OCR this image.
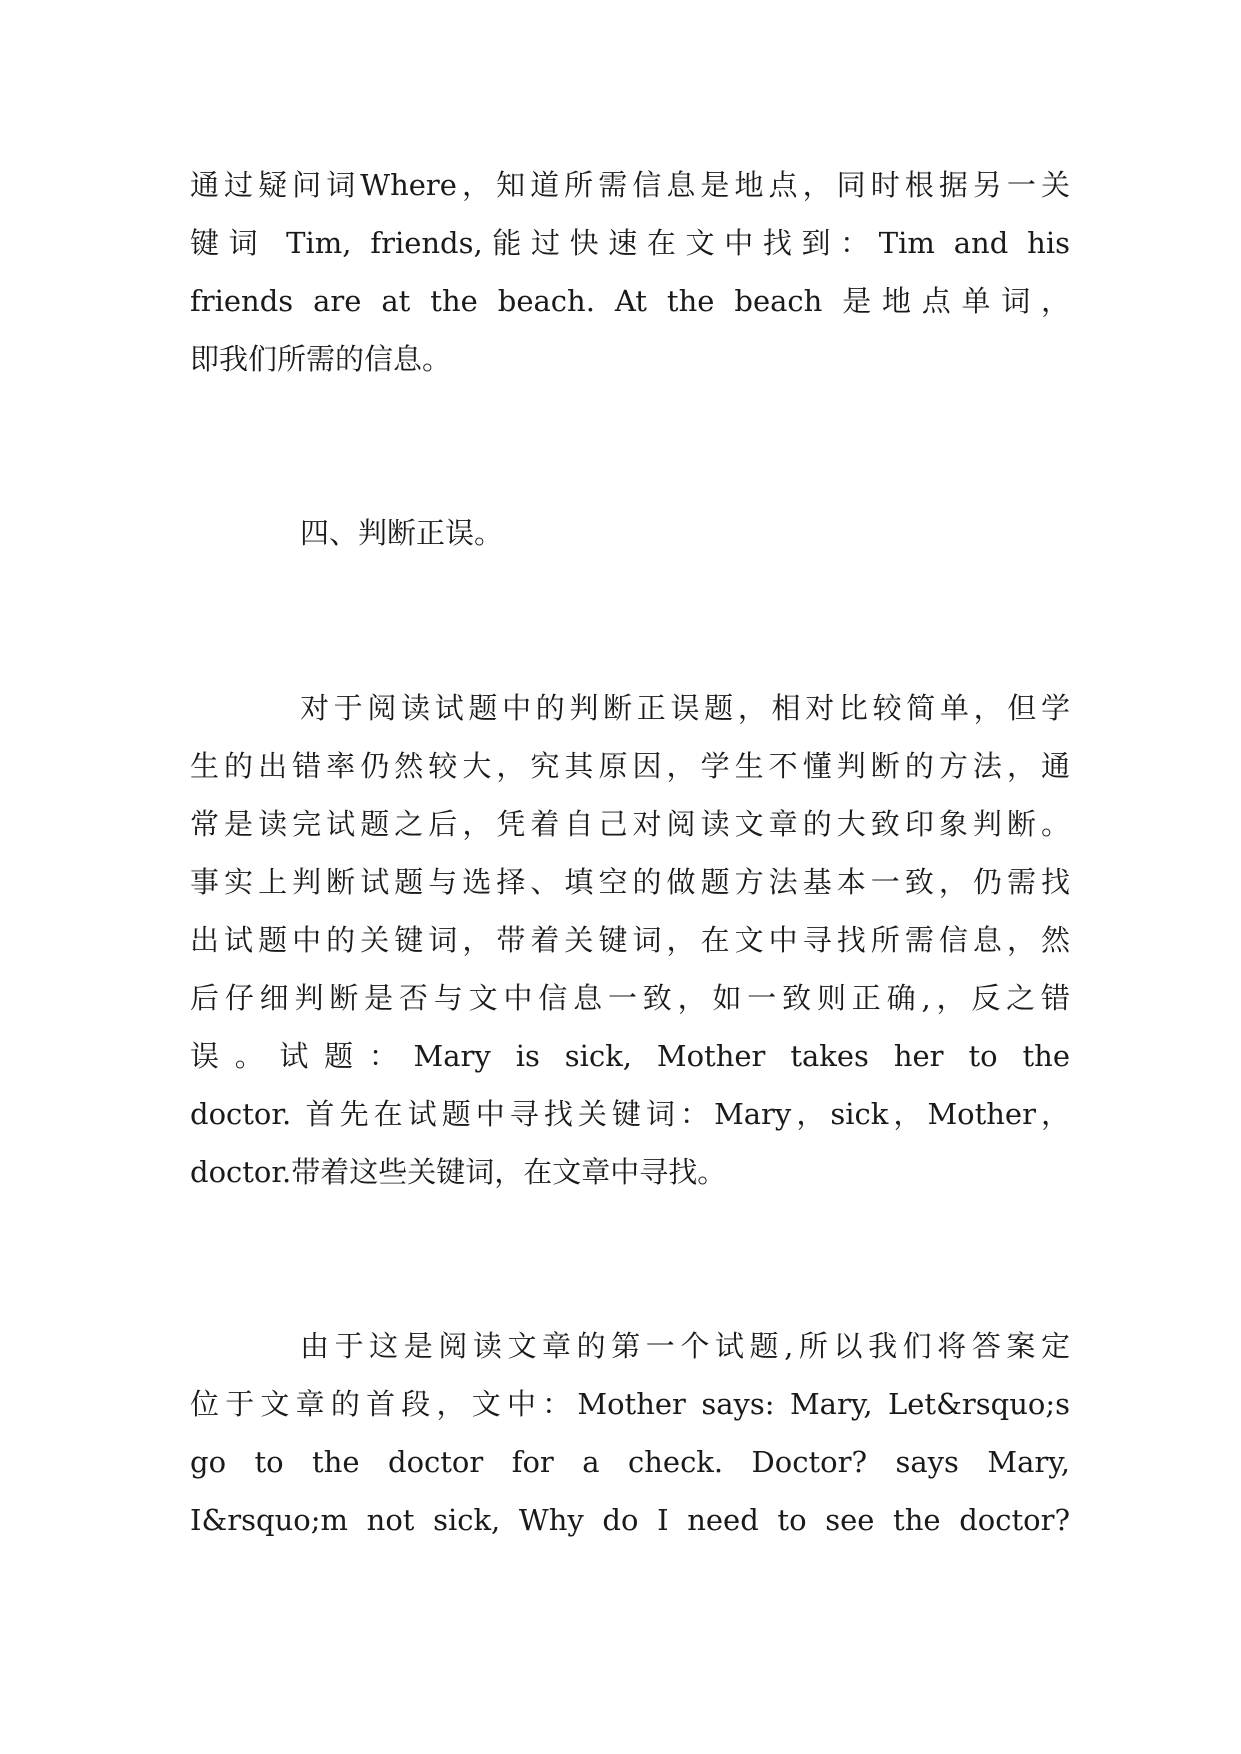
通过疑问词Where，知道所需信息是地点，同时根据另一关
键词 Tim, friends,能过快速在文中找到：Tim and his
friends are at the beach. At the beach 是地点单词，
即我们所需的信息。
四、判断正误。
对于阅读试题中的判断正误题，相对比较简单，但学
生的出错率仍然较大，究其原因，学生不懂判断的方法，通
常是读完试题之后，凭着自己对阅读文章的大致印象判断。
事实上判断试题与选择、填空的做题方法基本一致，仍需找
出试题中的关键词，带着关键词，在文中寻找所需信息，然
后仔细判断是否与文中信息一致，如一致则正确,，反之错
误。试题：Mary is sick, Mother takes her to the
doctor. 首先在试题中寻找关键词：Mary，sick，Mother，
doctor.带着这些关键词，在文章中寻找。
由于这是阅读文章的第一个试题,所以我们将答案定
位于文章的首段，文中：Mother says: Mary, Let&rsquo;s
go to the doctor for a check. Doctor? says Mary,
I&rsquo;m not sick, Why do I need to see the doctor?
